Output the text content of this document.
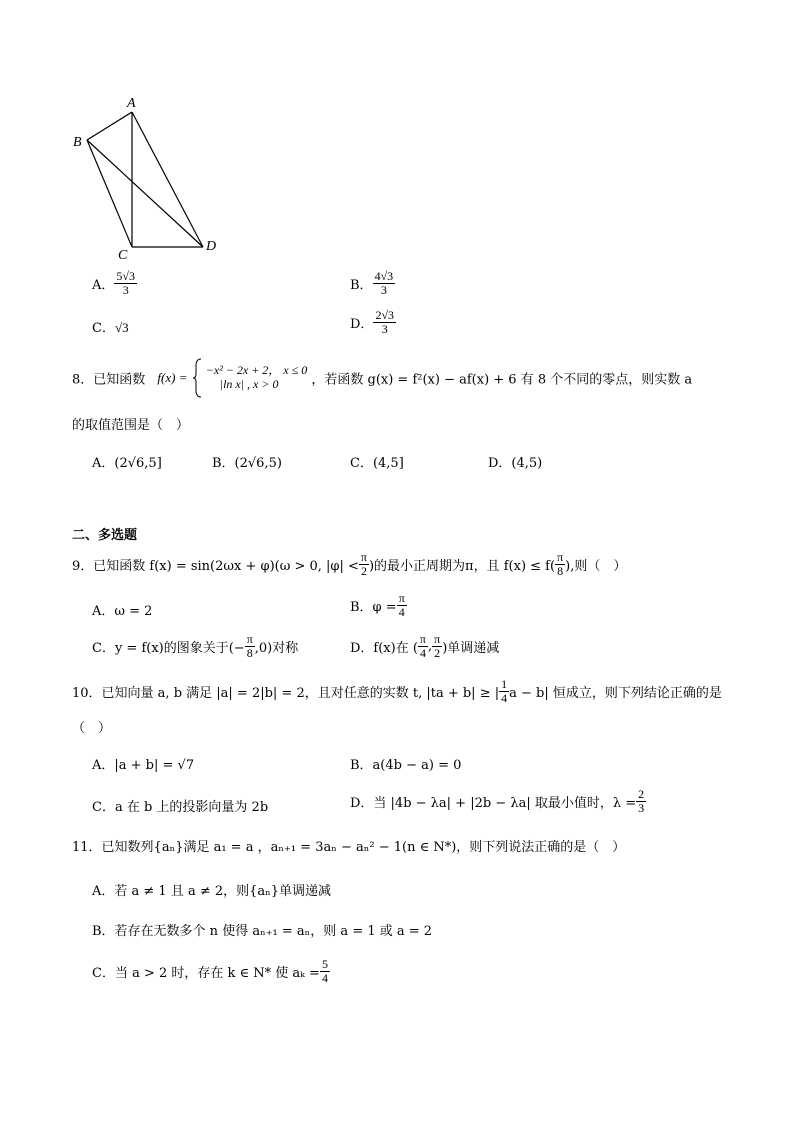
A
B
C
D
A． $\frac{5√3}{3}$	B． $\frac{4√3}{3}$
C．√3	D． $\frac{2√3}{3}$
8．已知函数 f(x) = −x² − 2x + 2， x ≤ 0
|ln x| , x > 0	，若函数 g(x) = f²(x) − af(x) + 6 有 8 个不同的零点，则实数 a
的取值范围是（　）
A．(2√6,5]	B．(2√6,5)	C．(4,5]	D．(4,5)
二、多选题
9．已知函数 f(x) = sin(2ωx + φ)(ω > 0, $|\varphi| < \frac{\pi}{2}$ )的最小正周期为π，且 $f(x) \le f( \frac{\pi}{8}$ ),则（　）
A．ω = 2	B．$\varphi = \frac{\pi}{4}$
C．y = f(x)的图象关于(− $\frac{\pi}{8} ,0$)对称	D．f(x)在 ( $\frac{\pi}{4}$ , $\frac{\pi}{2}$ )单调递减
10．已知向量 a, b 满足 |a| = 2|b| = 2，且对任意的实数 t, |ta + b| ≥ | $\frac{1}{4}$ a − b| 恒成立，则下列结论正确的是
（　）
A．|a + b| = √7	B．a(4b − a) = 0
C．a 在 b 上的投影向量为 2b	D．当 |4b − λa| + |2b − λa| 取最小值时，$\lambda = \frac{2}{3}$
11．已知数列{aₙ}满足 a₁ = a ，aₙ₊₁ = 3aₙ − aₙ² − 1(n ∈ N*)，则下列说法正确的是（　）
A．若 a ≠ 1 且 a ≠ 2，则{aₙ}单调递减
B．若存在无数多个 n 使得 aₙ₊₁ = aₙ，则 a = 1 或 a = 2
C．当 a > 2 时，存在 k ∈ N* 使 $a_k = \frac{5}{4}$
